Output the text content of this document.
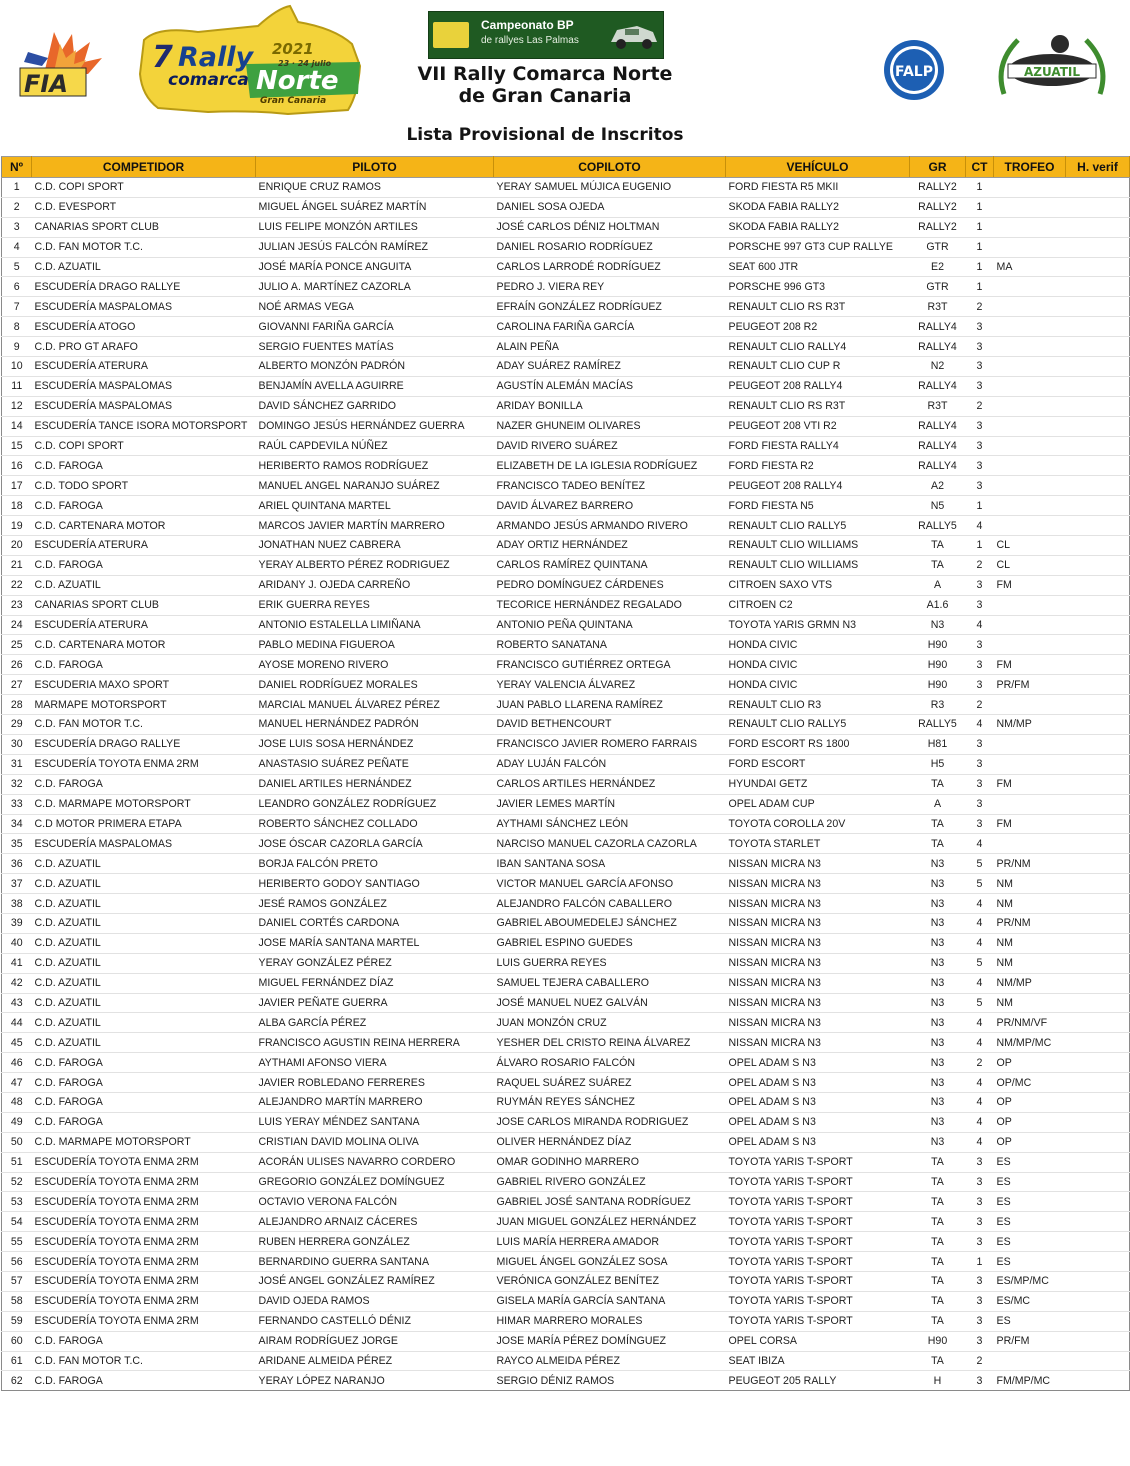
FIA
7 Rally 2021
23 · 24 julio
comarca Norte
Gran Canaria
Campeonato BP
de rallyes Las Palmas
VII Rally Comarca Norte
de Gran Canaria
FALP	AZUATIL
Lista Provisional de Inscritos
Nº	COMPETIDOR	PILOTO	COPILOTO	VEHÍCULO	GR	CT	TROFEO	H. verif
1	C.D. COPI SPORT	ENRIQUE CRUZ RAMOS	YERAY SAMUEL MÚJICA EUGENIO	FORD FIESTA R5 MKII	RALLY2	1		
2	C.D. EVESPORT	MIGUEL ÁNGEL SUÁREZ MARTÍN	DANIEL SOSA OJEDA	SKODA FABIA RALLY2	RALLY2	1		
3	CANARIAS SPORT CLUB	LUIS FELIPE MONZÓN ARTILES	JOSÉ CARLOS DÉNIZ HOLTMAN	SKODA FABIA RALLY2	RALLY2	1		
4	C.D. FAN MOTOR T.C.	JULIAN JESÚS FALCÓN RAMÍREZ	DANIEL ROSARIO RODRÍGUEZ	PORSCHE 997 GT3 CUP RALLYE	GTR	1		
5	C.D. AZUATIL	JOSÉ MARÍA PONCE ANGUITA	CARLOS LARRODÉ RODRÍGUEZ	SEAT 600 JTR	E2	1	MA	
6	ESCUDERÍA DRAGO RALLYE	JULIO A. MARTÍNEZ CAZORLA	PEDRO J. VIERA REY	PORSCHE 996 GT3	GTR	1		
7	ESCUDERÍA MASPALOMAS	NOÉ ARMAS VEGA	EFRAÍN GONZÁLEZ RODRÍGUEZ	RENAULT CLIO RS R3T	R3T	2		
8	ESCUDERÍA ATOGO	GIOVANNI FARIÑA GARCÍA	CAROLINA FARIÑA GARCÍA	PEUGEOT 208 R2	RALLY4	3		
9	C.D. PRO GT ARAFO	SERGIO FUENTES MATÍAS	ALAIN PEÑA	RENAULT CLIO RALLY4	RALLY4	3		
10	ESCUDERÍA ATERURA	ALBERTO MONZÓN PADRÓN	ADAY SUÁREZ RAMÍREZ	RENAULT CLIO CUP R	N2	3		
11	ESCUDERÍA MASPALOMAS	BENJAMÍN AVELLA AGUIRRE	AGUSTÍN ALEMÁN MACÍAS	PEUGEOT 208 RALLY4	RALLY4	3		
12	ESCUDERÍA MASPALOMAS	DAVID SÁNCHEZ GARRIDO	ARIDAY BONILLA	RENAULT CLIO RS R3T	R3T	2		
14	ESCUDERÍA TANCE ISORA MOTORSPORT	DOMINGO JESÚS HERNÁNDEZ GUERRA	NAZER GHUNEIM OLIVARES	PEUGEOT 208 VTI R2	RALLY4	3		
15	C.D. COPI SPORT	RAÚL CAPDEVILA NÚÑEZ	DAVID RIVERO SUÁREZ	FORD FIESTA RALLY4	RALLY4	3		
16	C.D. FAROGA	HERIBERTO RAMOS RODRÍGUEZ	ELIZABETH DE LA IGLESIA RODRÍGUEZ	FORD FIESTA R2	RALLY4	3		
17	C.D. TODO SPORT	MANUEL ANGEL NARANJO SUÁREZ	FRANCISCO TADEO BENÍTEZ	PEUGEOT 208 RALLY4	A2	3		
18	C.D. FAROGA	ARIEL QUINTANA MARTEL	DAVID ÁLVAREZ BARRERO	FORD FIESTA N5	N5	1		
19	C.D. CARTENARA MOTOR	MARCOS JAVIER MARTÍN MARRERO	ARMANDO JESÚS ARMANDO RIVERO	RENAULT CLIO RALLY5	RALLY5	4		
20	ESCUDERÍA ATERURA	JONATHAN NUEZ CABRERA	ADAY ORTIZ HERNÁNDEZ	RENAULT CLIO WILLIAMS	TA	1	CL	
21	C.D. FAROGA	YERAY ALBERTO PÉREZ RODRIGUEZ	CARLOS RAMÍREZ QUINTANA	RENAULT CLIO WILLIAMS	TA	2	CL	
22	C.D. AZUATIL	ARIDANY J. OJEDA CARREÑO	PEDRO DOMÍNGUEZ CÁRDENES	CITROEN SAXO VTS	A	3	FM	
23	CANARIAS SPORT CLUB	ERIK GUERRA REYES	TECORICE HERNÁNDEZ REGALADO	CITROEN C2	A1.6	3		
24	ESCUDERÍA ATERURA	ANTONIO ESTALELLA LIMIÑANA	ANTONIO PEÑA QUINTANA	TOYOTA YARIS GRMN N3	N3	4		
25	C.D. CARTENARA MOTOR	PABLO MEDINA FIGUEROA	ROBERTO SANATANA	HONDA CIVIC	H90	3		
26	C.D. FAROGA	AYOSE MORENO RIVERO	FRANCISCO GUTIÉRREZ ORTEGA	HONDA CIVIC	H90	3	FM	
27	ESCUDERIA MAXO SPORT	DANIEL RODRÍGUEZ MORALES	YERAY VALENCIA ÁLVAREZ	HONDA CIVIC	H90	3	PR/FM	
28	MARMAPE MOTORSPORT	MARCIAL MANUEL ÁLVAREZ PÉREZ	JUAN PABLO LLARENA RAMÍREZ	RENAULT CLIO R3	R3	2		
29	C.D. FAN MOTOR T.C.	MANUEL HERNÁNDEZ PADRÓN	DAVID BETHENCOURT	RENAULT CLIO RALLY5	RALLY5	4	NM/MP	
30	ESCUDERÍA DRAGO RALLYE	JOSE LUIS SOSA HERNÁNDEZ	FRANCISCO JAVIER ROMERO FARRAIS	FORD ESCORT RS 1800	H81	3		
31	ESCUDERÍA TOYOTA ENMA 2RM	ANASTASIO SUÁREZ PEÑATE	ADAY LUJÁN FALCÓN	FORD ESCORT	H5	3		
32	C.D. FAROGA	DANIEL ARTILES HERNÁNDEZ	CARLOS ARTILES HERNÁNDEZ	HYUNDAI GETZ	TA	3	FM	
33	C.D. MARMAPE MOTORSPORT	LEANDRO GONZÁLEZ RODRÍGUEZ	JAVIER LEMES MARTÍN	OPEL ADAM CUP	A	3		
34	C.D MOTOR PRIMERA ETAPA	ROBERTO SÁNCHEZ COLLADO	AYTHAMI SÁNCHEZ LEÓN	TOYOTA COROLLA 20V	TA	3	FM	
35	ESCUDERÍA MASPALOMAS	JOSE ÓSCAR CAZORLA GARCÍA	NARCISO MANUEL CAZORLA CAZORLA	TOYOTA STARLET	TA	4		
36	C.D. AZUATIL	BORJA FALCÓN PRETO	IBAN SANTANA SOSA	NISSAN MICRA N3	N3	5	PR/NM	
37	C.D. AZUATIL	HERIBERTO GODOY SANTIAGO	VICTOR MANUEL GARCÍA AFONSO	NISSAN MICRA N3	N3	5	NM	
38	C.D. AZUATIL	JESÉ RAMOS GONZÁLEZ	ALEJANDRO FALCÓN CABALLERO	NISSAN MICRA N3	N3	4	NM	
39	C.D. AZUATIL	DANIEL CORTÉS CARDONA	GABRIEL ABOUMEDELEJ SÁNCHEZ	NISSAN MICRA N3	N3	4	PR/NM	
40	C.D. AZUATIL	JOSE MARÍA SANTANA MARTEL	GABRIEL ESPINO GUEDES	NISSAN MICRA N3	N3	4	NM	
41	C.D. AZUATIL	YERAY GONZÁLEZ PÉREZ	LUIS GUERRA REYES	NISSAN MICRA N3	N3	5	NM	
42	C.D. AZUATIL	MIGUEL FERNÁNDEZ DÍAZ	SAMUEL TEJERA CABALLERO	NISSAN MICRA N3	N3	4	NM/MP	
43	C.D. AZUATIL	JAVIER PEÑATE GUERRA	JOSÉ MANUEL NUEZ GALVÁN	NISSAN MICRA N3	N3	5	NM	
44	C.D. AZUATIL	ALBA GARCÍA PÉREZ	JUAN MONZÓN CRUZ	NISSAN MICRA N3	N3	4	PR/NM/VF	
45	C.D. AZUATIL	FRANCISCO AGUSTIN REINA HERRERA	YESHER DEL CRISTO REINA ÁLVAREZ	NISSAN MICRA N3	N3	4	NM/MP/MC	
46	C.D. FAROGA	AYTHAMI AFONSO VIERA	ÁLVARO ROSARIO FALCÓN	OPEL ADAM S N3	N3	2	OP	
47	C.D. FAROGA	JAVIER ROBLEDANO FERRERES	RAQUEL SUÁREZ SUÁREZ	OPEL ADAM S N3	N3	4	OP/MC	
48	C.D. FAROGA	ALEJANDRO MARTÍN MARRERO	RUYMÁN REYES SÁNCHEZ	OPEL ADAM S N3	N3	4	OP	
49	C.D. FAROGA	LUIS YERAY MÉNDEZ SANTANA	JOSE CARLOS MIRANDA RODRIGUEZ	OPEL ADAM S N3	N3	4	OP	
50	C.D. MARMAPE MOTORSPORT	CRISTIAN DAVID MOLINA OLIVA	OLIVER HERNÁNDEZ DÍAZ	OPEL ADAM S N3	N3	4	OP	
51	ESCUDERÍA TOYOTA ENMA 2RM	ACORÁN ULISES NAVARRO CORDERO	OMAR GODINHO MARRERO	TOYOTA YARIS T-SPORT	TA	3	ES	
52	ESCUDERÍA TOYOTA ENMA 2RM	GREGORIO GONZÁLEZ DOMÍNGUEZ	GABRIEL RIVERO GONZÁLEZ	TOYOTA YARIS T-SPORT	TA	3	ES	
53	ESCUDERÍA TOYOTA ENMA 2RM	OCTAVIO VERONA FALCÓN	GABRIEL JOSÉ SANTANA RODRÍGUEZ	TOYOTA YARIS T-SPORT	TA	3	ES	
54	ESCUDERÍA TOYOTA ENMA 2RM	ALEJANDRO ARNAIZ CÁCERES	JUAN MIGUEL GONZÁLEZ HERNÁNDEZ	TOYOTA YARIS T-SPORT	TA	3	ES	
55	ESCUDERÍA TOYOTA ENMA 2RM	RUBEN HERRERA GONZÁLEZ	LUIS MARÍA HERRERA AMADOR	TOYOTA YARIS T-SPORT	TA	3	ES	
56	ESCUDERÍA TOYOTA ENMA 2RM	BERNARDINO GUERRA SANTANA	MIGUEL ÁNGEL GONZÁLEZ SOSA	TOYOTA YARIS T-SPORT	TA	1	ES	
57	ESCUDERÍA TOYOTA ENMA 2RM	JOSÉ ANGEL GONZÁLEZ RAMÍREZ	VERÓNICA GONZÁLEZ BENÍTEZ	TOYOTA YARIS T-SPORT	TA	3	ES/MP/MC	
58	ESCUDERÍA TOYOTA ENMA 2RM	DAVID OJEDA RAMOS	GISELA MARÍA GARCÍA SANTANA	TOYOTA YARIS T-SPORT	TA	3	ES/MC	
59	ESCUDERÍA TOYOTA ENMA 2RM	FERNANDO CASTELLÓ DÉNIZ	HIMAR MARRERO MORALES	TOYOTA YARIS T-SPORT	TA	3	ES	
60	C.D. FAROGA	AIRAM RODRÍGUEZ JORGE	JOSE MARÍA PÉREZ DOMÍNGUEZ	OPEL CORSA	H90	3	PR/FM	
61	C.D. FAN MOTOR T.C.	ARIDANE ALMEIDA PÉREZ	RAYCO ALMEIDA PÉREZ	SEAT IBIZA	TA	2		
62	C.D. FAROGA	YERAY LÓPEZ NARANJO	SERGIO DÉNIZ RAMOS	PEUGEOT 205 RALLY	H	3	FM/MP/MC	
